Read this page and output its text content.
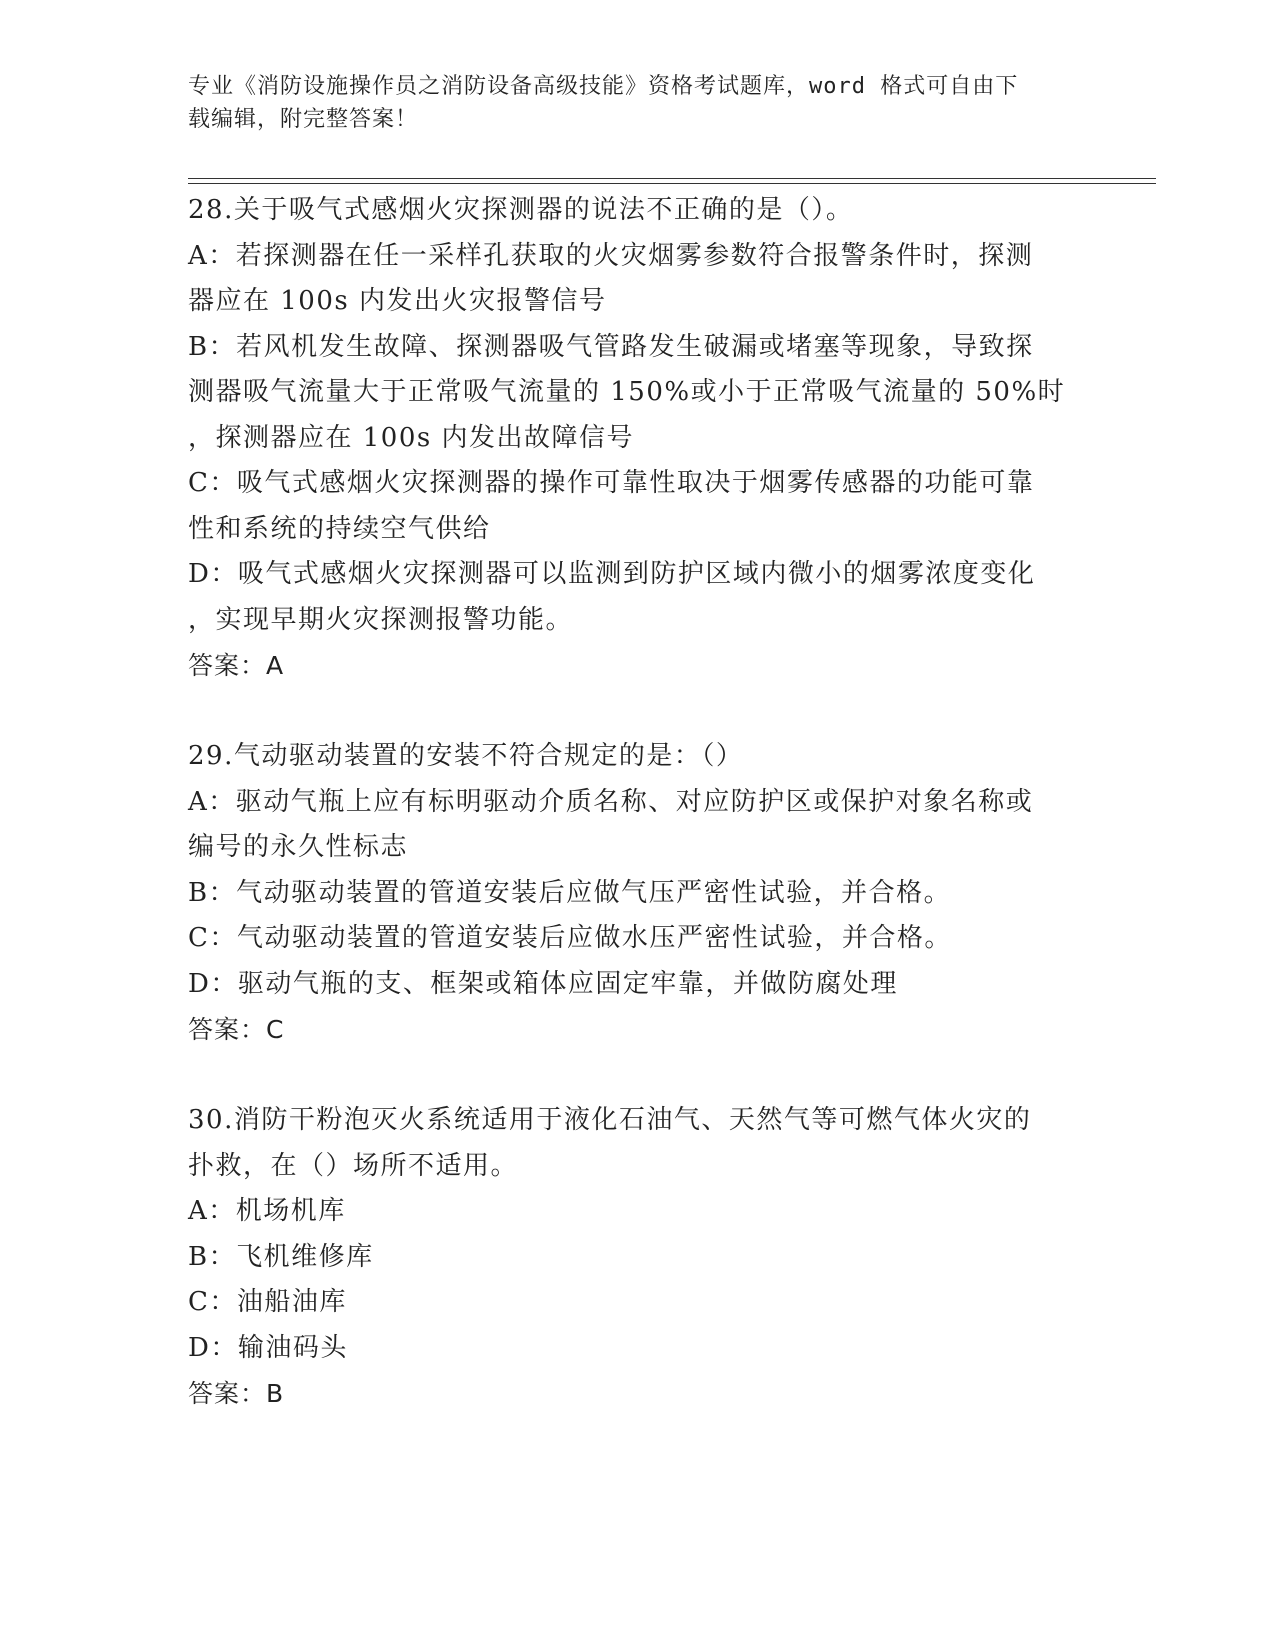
专业《消防设施操作员之消防设备高级技能》资格考试题库，word 格式可自由下
载编辑，附完整答案！
28.关于吸气式感烟火灾探测器的说法不正确的是（）。
A：若探测器在任一采样孔获取的火灾烟雾参数符合报警条件时，探测
器应在 100s 内发出火灾报警信号
B：若风机发生故障、探测器吸气管路发生破漏或堵塞等现象，导致探
测器吸气流量大于正常吸气流量的 150%或小于正常吸气流量的 50%时
，探测器应在 100s 内发出故障信号
C：吸气式感烟火灾探测器的操作可靠性取决于烟雾传感器的功能可靠
性和系统的持续空气供给
D：吸气式感烟火灾探测器可以监测到防护区域内微小的烟雾浓度变化
，实现早期火灾探测报警功能。
答案：A
29.气动驱动装置的安装不符合规定的是：（）
A：驱动气瓶上应有标明驱动介质名称、对应防护区或保护对象名称或
编号的永久性标志
B：气动驱动装置的管道安装后应做气压严密性试验，并合格。
C：气动驱动装置的管道安装后应做水压严密性试验，并合格。
D：驱动气瓶的支、框架或箱体应固定牢靠，并做防腐处理
答案：C
30.消防干粉泡灭火系统适用于液化石油气、天然气等可燃气体火灾的
扑救，在（）场所不适用。
A：机场机库
B：飞机维修库
C：油船油库
D：输油码头
答案：B
